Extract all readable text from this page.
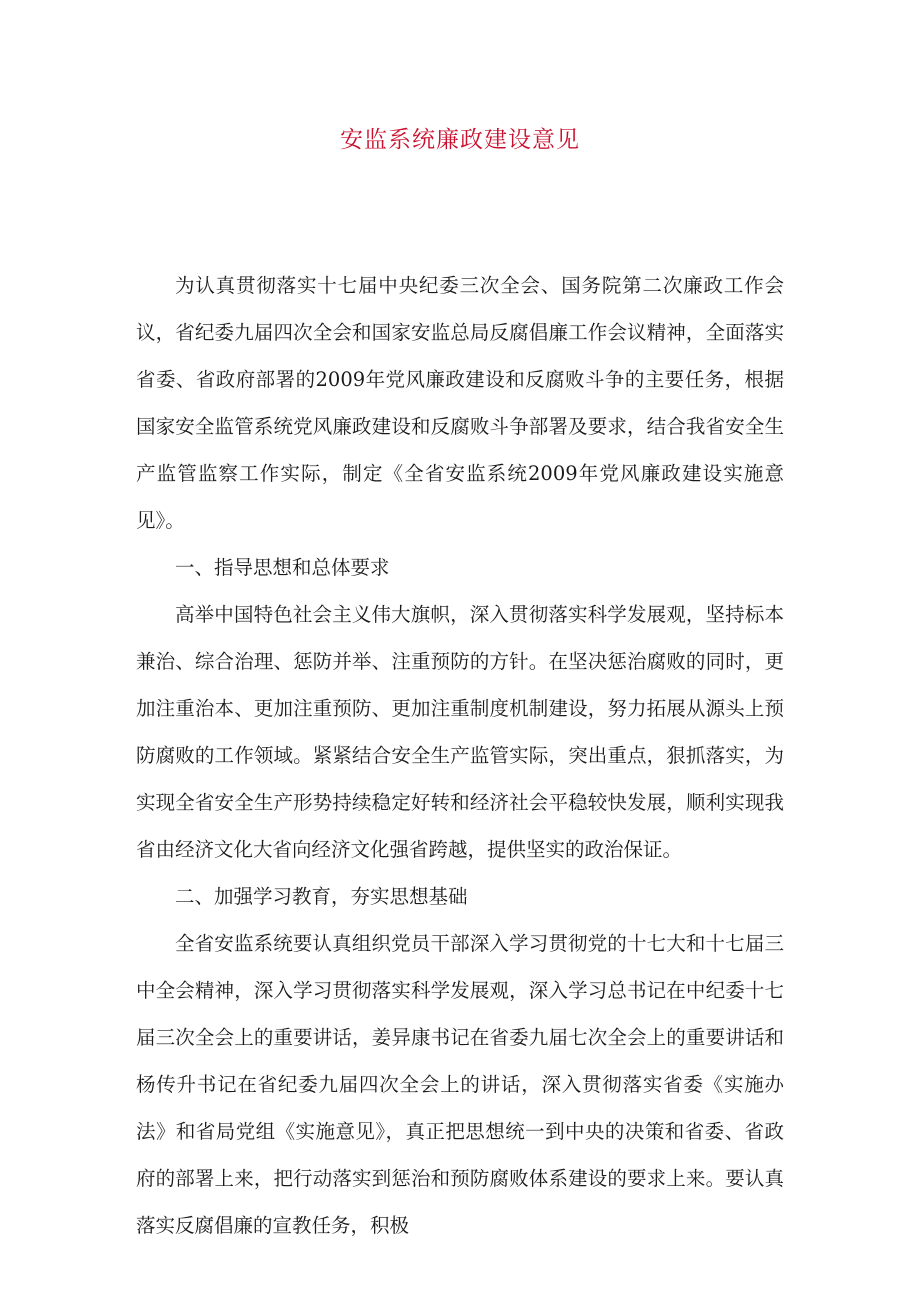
安监系统廉政建设意见

为认真贯彻落实十七届中央纪委三次全会、国务院第二次廉政工作会议，省纪委九届四次全会和国家安监总局反腐倡廉工作会议精神，全面落实省委、省政府部署的2009年党风廉政建设和反腐败斗争的主要任务，根据国家安全监管系统党风廉政建设和反腐败斗争部署及要求，结合我省安全生产监管监察工作实际，制定《全省安监系统2009年党风廉政建设实施意见》。

一、指导思想和总体要求

高举中国特色社会主义伟大旗帜，深入贯彻落实科学发展观，坚持标本兼治、综合治理、惩防并举、注重预防的方针。在坚决惩治腐败的同时，更加注重治本、更加注重预防、更加注重制度机制建设，努力拓展从源头上预防腐败的工作领域。紧紧结合安全生产监管实际，突出重点，狠抓落实，为实现全省安全生产形势持续稳定好转和经济社会平稳较快发展，顺利实现我省由经济文化大省向经济文化强省跨越，提供坚实的政治保证。

二、加强学习教育，夯实思想基础

全省安监系统要认真组织党员干部深入学习贯彻党的十七大和十七届三中全会精神，深入学习贯彻落实科学发展观，深入学习总书记在中纪委十七届三次全会上的重要讲话，姜异康书记在省委九届七次全会上的重要讲话和杨传升书记在省纪委九届四次全会上的讲话，深入贯彻落实省委《实施办法》和省局党组《实施意见》，真正把思想统一到中央的决策和省委、省政府的部署上来，把行动落实到惩治和预防腐败体系建设的要求上来。要认真落实反腐倡廉的宣教任务，积极
